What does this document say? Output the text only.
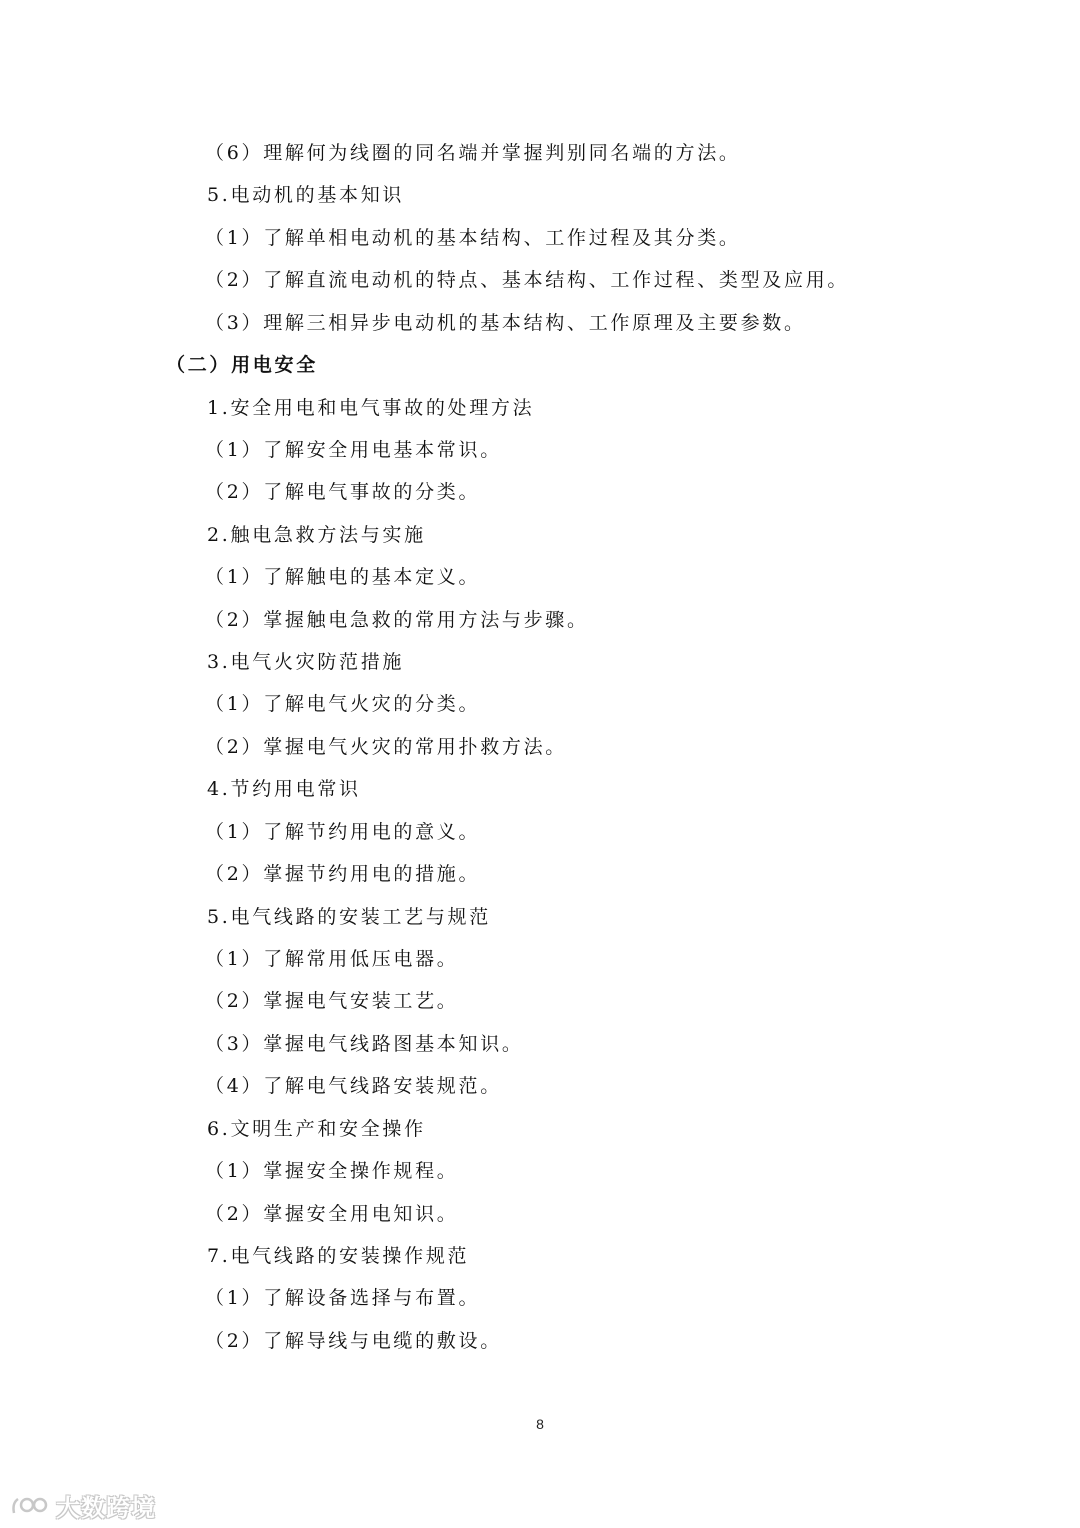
（6）理解何为线圈的同名端并掌握判别同名端的方法。
5.电动机的基本知识
（1）了解单相电动机的基本结构、工作过程及其分类。
（2）了解直流电动机的特点、基本结构、工作过程、类型及应用。
（3）理解三相异步电动机的基本结构、工作原理及主要参数。
（二）用电安全
1.安全用电和电气事故的处理方法
（1）了解安全用电基本常识。
（2）了解电气事故的分类。
2.触电急救方法与实施
（1）了解触电的基本定义。
（2）掌握触电急救的常用方法与步骤。
3.电气火灾防范措施
（1）了解电气火灾的分类。
（2）掌握电气火灾的常用扑救方法。
4.节约用电常识
（1）了解节约用电的意义。
（2）掌握节约用电的措施。
5.电气线路的安装工艺与规范
（1）了解常用低压电器。
（2）掌握电气安装工艺。
（3）掌握电气线路图基本知识。
（4）了解电气线路安装规范。
6.文明生产和安全操作
（1）掌握安全操作规程。
（2）掌握安全用电知识。
7.电气线路的安装操作规范
（1）了解设备选择与布置。
（2）了解导线与电缆的敷设。
8
大数跨境
